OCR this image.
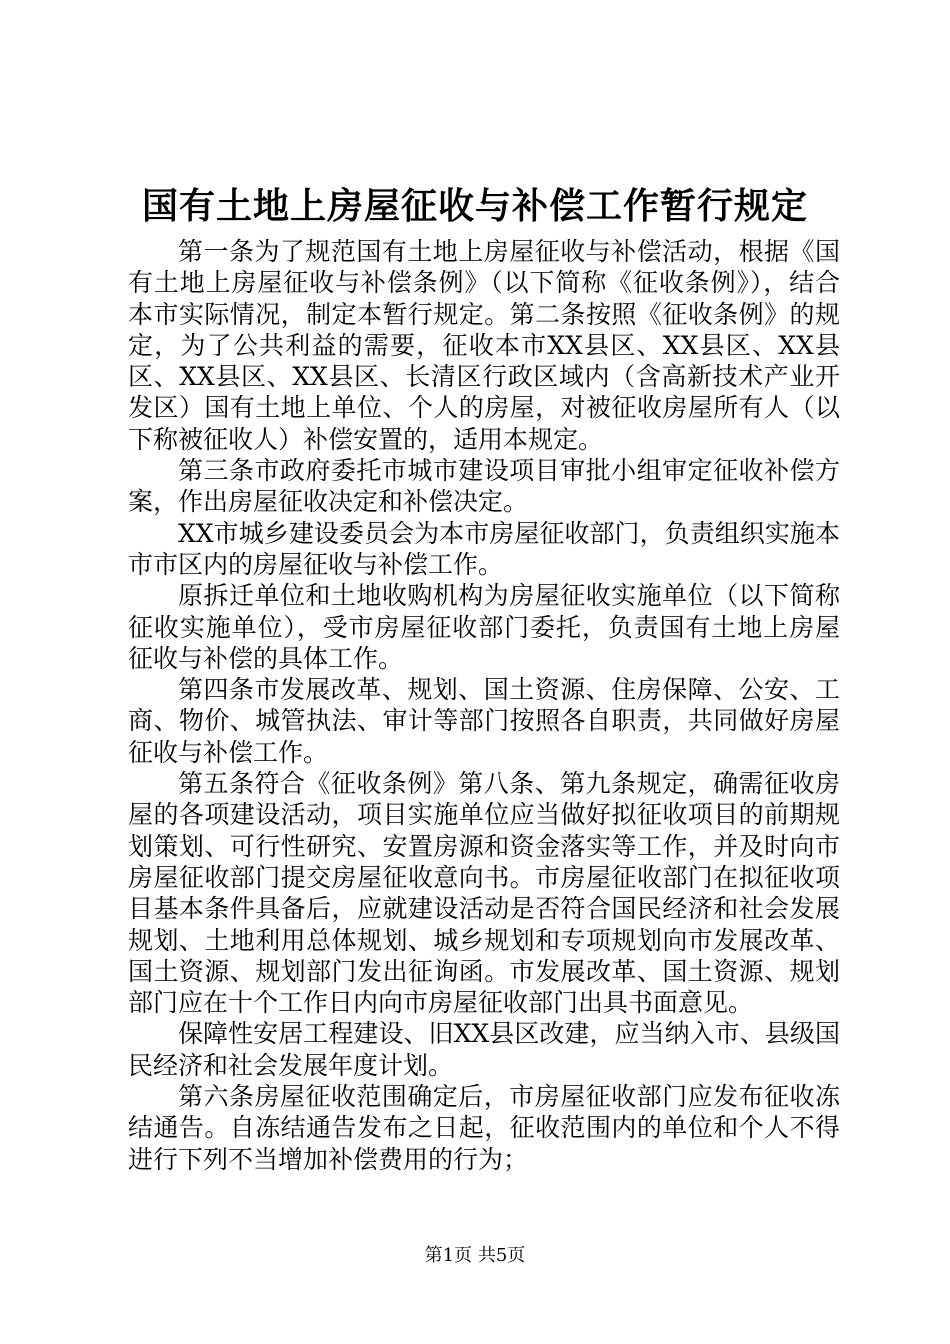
国有土地上房屋征收与补偿工作暂行规定

第一条为了规范国有土地上房屋征收与补偿活动，根据《国有土地上房屋征收与补偿条例》（以下简称《征收条例》），结合本市实际情况，制定本暂行规定。第二条按照《征收条例》的规定，为了公共利益的需要，征收本市XX县区、XX县区、XX县区、XX县区、XX县区、长清区行政区域内（含高新技术产业开发区）国有土地上单位、个人的房屋，对被征收房屋所有人（以下称被征收人）补偿安置的，适用本规定。

第三条市政府委托市城市建设项目审批小组审定征收补偿方案，作出房屋征收决定和补偿决定。

XX市城乡建设委员会为本市房屋征收部门，负责组织实施本市市区内的房屋征收与补偿工作。

原拆迁单位和土地收购机构为房屋征收实施单位（以下简称征收实施单位），受市房屋征收部门委托，负责国有土地上房屋征收与补偿的具体工作。

第四条市发展改革、规划、国土资源、住房保障、公安、工商、物价、城管执法、审计等部门按照各自职责，共同做好房屋征收与补偿工作。

第五条符合《征收条例》第八条、第九条规定，确需征收房屋的各项建设活动，项目实施单位应当做好拟征收项目的前期规划策划、可行性研究、安置房源和资金落实等工作，并及时向市房屋征收部门提交房屋征收意向书。市房屋征收部门在拟征收项目基本条件具备后，应就建设活动是否符合国民经济和社会发展规划、土地利用总体规划、城乡规划和专项规划向市发展改革、国土资源、规划部门发出征询函。市发展改革、国土资源、规划部门应在十个工作日内向市房屋征收部门出具书面意见。

保障性安居工程建设、旧XX县区改建，应当纳入市、县级国民经济和社会发展年度计划。

第六条房屋征收范围确定后，市房屋征收部门应发布征收冻结通告。自冻结通告发布之日起，征收范围内的单位和个人不得进行下列不当增加补偿费用的行为；

第1页 共5页
